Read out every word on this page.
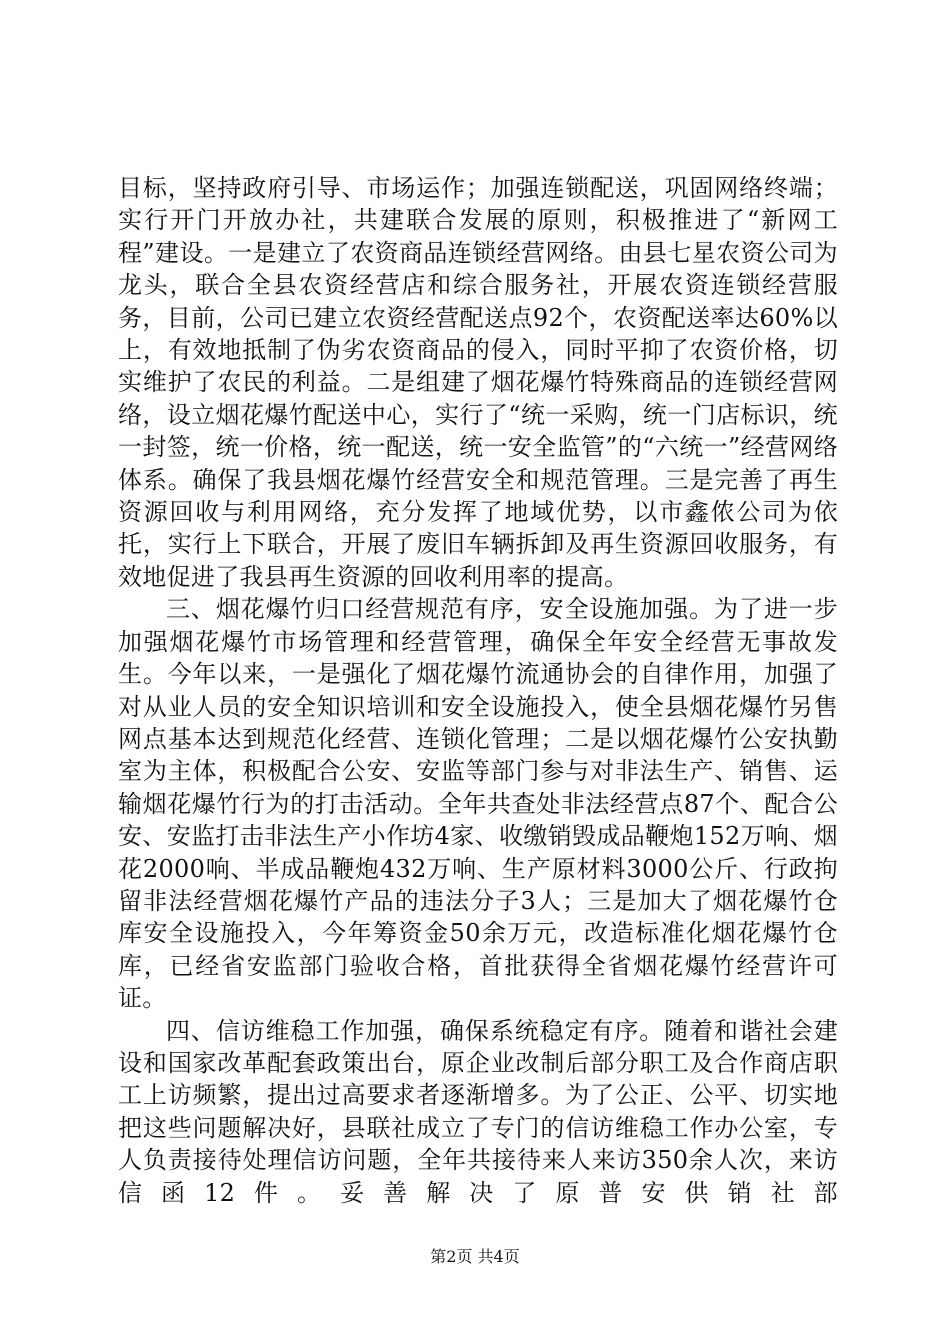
目标，坚持政府引导、市场运作；加强连锁配送，巩固网络终端；实行开门开放办社，共建联合发展的原则，积极推进了“新网工程”建设。一是建立了农资商品连锁经营网络。由县七星农资公司为龙头，联合全县农资经营店和综合服务社，开展农资连锁经营服务，目前，公司已建立农资经营配送点92个，农资配送率达60%以上，有效地抵制了伪劣农资商品的侵入，同时平抑了农资价格，切实维护了农民的利益。二是组建了烟花爆竹特殊商品的连锁经营网络，设立烟花爆竹配送中心，实行了“统一采购，统一门店标识，统一封签，统一价格，统一配送，统一安全监管”的“六统一”经营网络体系。确保了我县烟花爆竹经营安全和规范管理。三是完善了再生资源回收与利用网络，充分发挥了地域优势，以市鑫侬公司为依托，实行上下联合，开展了废旧车辆拆卸及再生资源回收服务，有效地促进了我县再生资源的回收利用率的提高。

三、烟花爆竹归口经营规范有序，安全设施加强。为了进一步加强烟花爆竹市场管理和经营管理，确保全年安全经营无事故发生。今年以来，一是强化了烟花爆竹流通协会的自律作用，加强了对从业人员的安全知识培训和安全设施投入，使全县烟花爆竹另售网点基本达到规范化经营、连锁化管理；二是以烟花爆竹公安执勤室为主体，积极配合公安、安监等部门参与对非法生产、销售、运输烟花爆竹行为的打击活动。全年共查处非法经营点87个、配合公安、安监打击非法生产小作坊4家、收缴销毁成品鞭炮152万响、烟花2000响、半成品鞭炮432万响、生产原材料3000公斤、行政拘留非法经营烟花爆竹产品的违法分子3人；三是加大了烟花爆竹仓库安全设施投入，今年筹资金50余万元，改造标准化烟花爆竹仓库，已经省安监部门验收合格，首批获得全省烟花爆竹经营许可证。

四、信访维稳工作加强，确保系统稳定有序。随着和谐社会建设和国家改革配套政策出台，原企业改制后部分职工及合作商店职工上访频繁，提出过高要求者逐渐增多。为了公正、公平、切实地把这些问题解决好，县联社成立了专门的信访维稳工作办公室，专人负责接待处理信访问题，全年共接待来人来访350余人次，来访信函12件。妥善解决了原普安供销社部

第2页 共4页
